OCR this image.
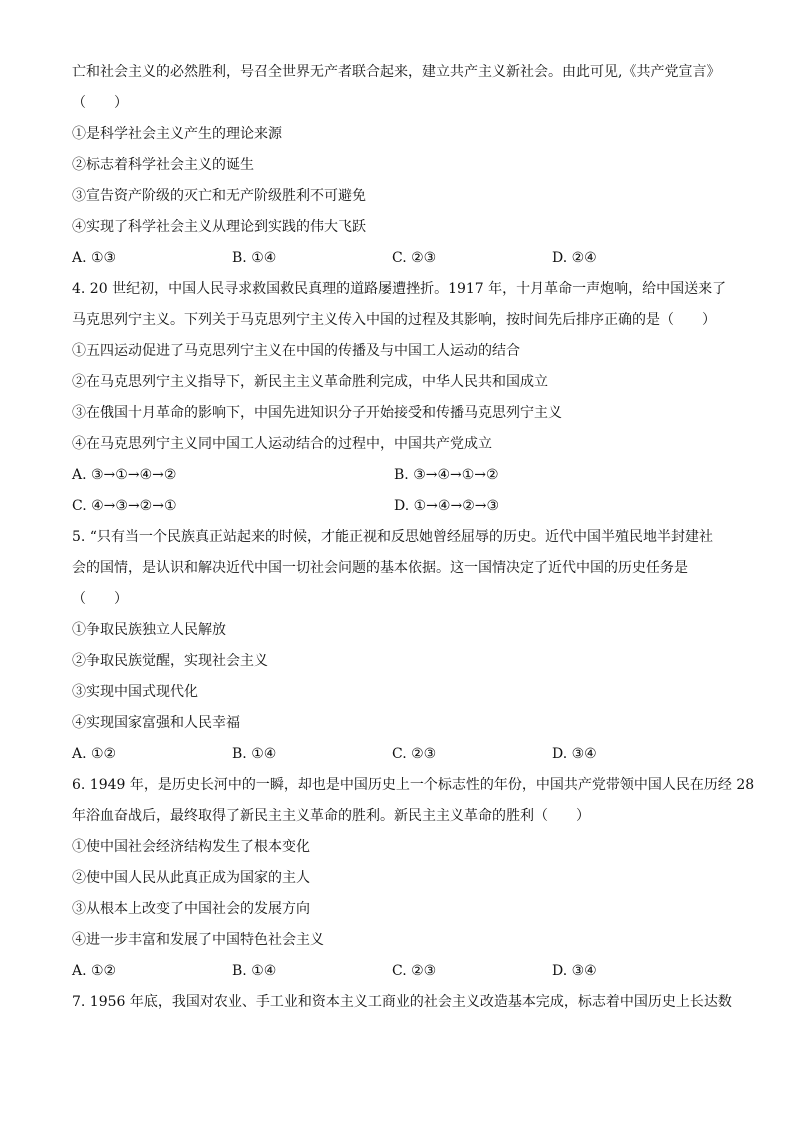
亡和社会主义的必然胜利，号召全世界无产者联合起来，建立共产主义新社会。由此可见,《共产党宣言》
（　　）
①是科学社会主义产生的理论来源
②标志着科学社会主义的诞生
③宣告资产阶级的灭亡和无产阶级胜利不可避免
④实现了科学社会主义从理论到实践的伟大飞跃
A. ①③	B. ①④	C. ②③	D. ②④
4. 20 世纪初，中国人民寻求救国救民真理的道路屡遭挫折。1917 年，十月革命一声炮响，给中国送来了
马克思列宁主义。下列关于马克思列宁主义传入中国的过程及其影响，按时间先后排序正确的是（　　）
①五四运动促进了马克思列宁主义在中国的传播及与中国工人运动的结合
②在马克思列宁主义指导下，新民主主义革命胜利完成，中华人民共和国成立
③在俄国十月革命的影响下，中国先进知识分子开始接受和传播马克思列宁主义
④在马克思列宁主义同中国工人运动结合的过程中，中国共产党成立
A. ③→①→④→②	B. ③→④→①→②
C. ④→③→②→①	D. ①→④→②→③
5. “只有当一个民族真正站起来的时候，才能正视和反思她曾经屈辱的历史。近代中国半殖民地半封建社
会的国情，是认识和解决近代中国一切社会问题的基本依据。这一国情决定了近代中国的历史任务是
（　　）
①争取民族独立人民解放
②争取民族觉醒，实现社会主义
③实现中国式现代化
④实现国家富强和人民幸福
A. ①②	B. ①④	C. ②③	D. ③④
6. 1949 年，是历史长河中的一瞬，却也是中国历史上一个标志性的年份，中国共产党带领中国人民在历经 28
年浴血奋战后，最终取得了新民主主义革命的胜利。新民主主义革命的胜利（　　）
①使中国社会经济结构发生了根本变化
②使中国人民从此真正成为国家的主人
③从根本上改变了中国社会的发展方向
④进一步丰富和发展了中国特色社会主义
A. ①②	B. ①④	C. ②③	D. ③④
7. 1956 年底，我国对农业、手工业和资本主义工商业的社会主义改造基本完成，标志着中国历史上长达数
